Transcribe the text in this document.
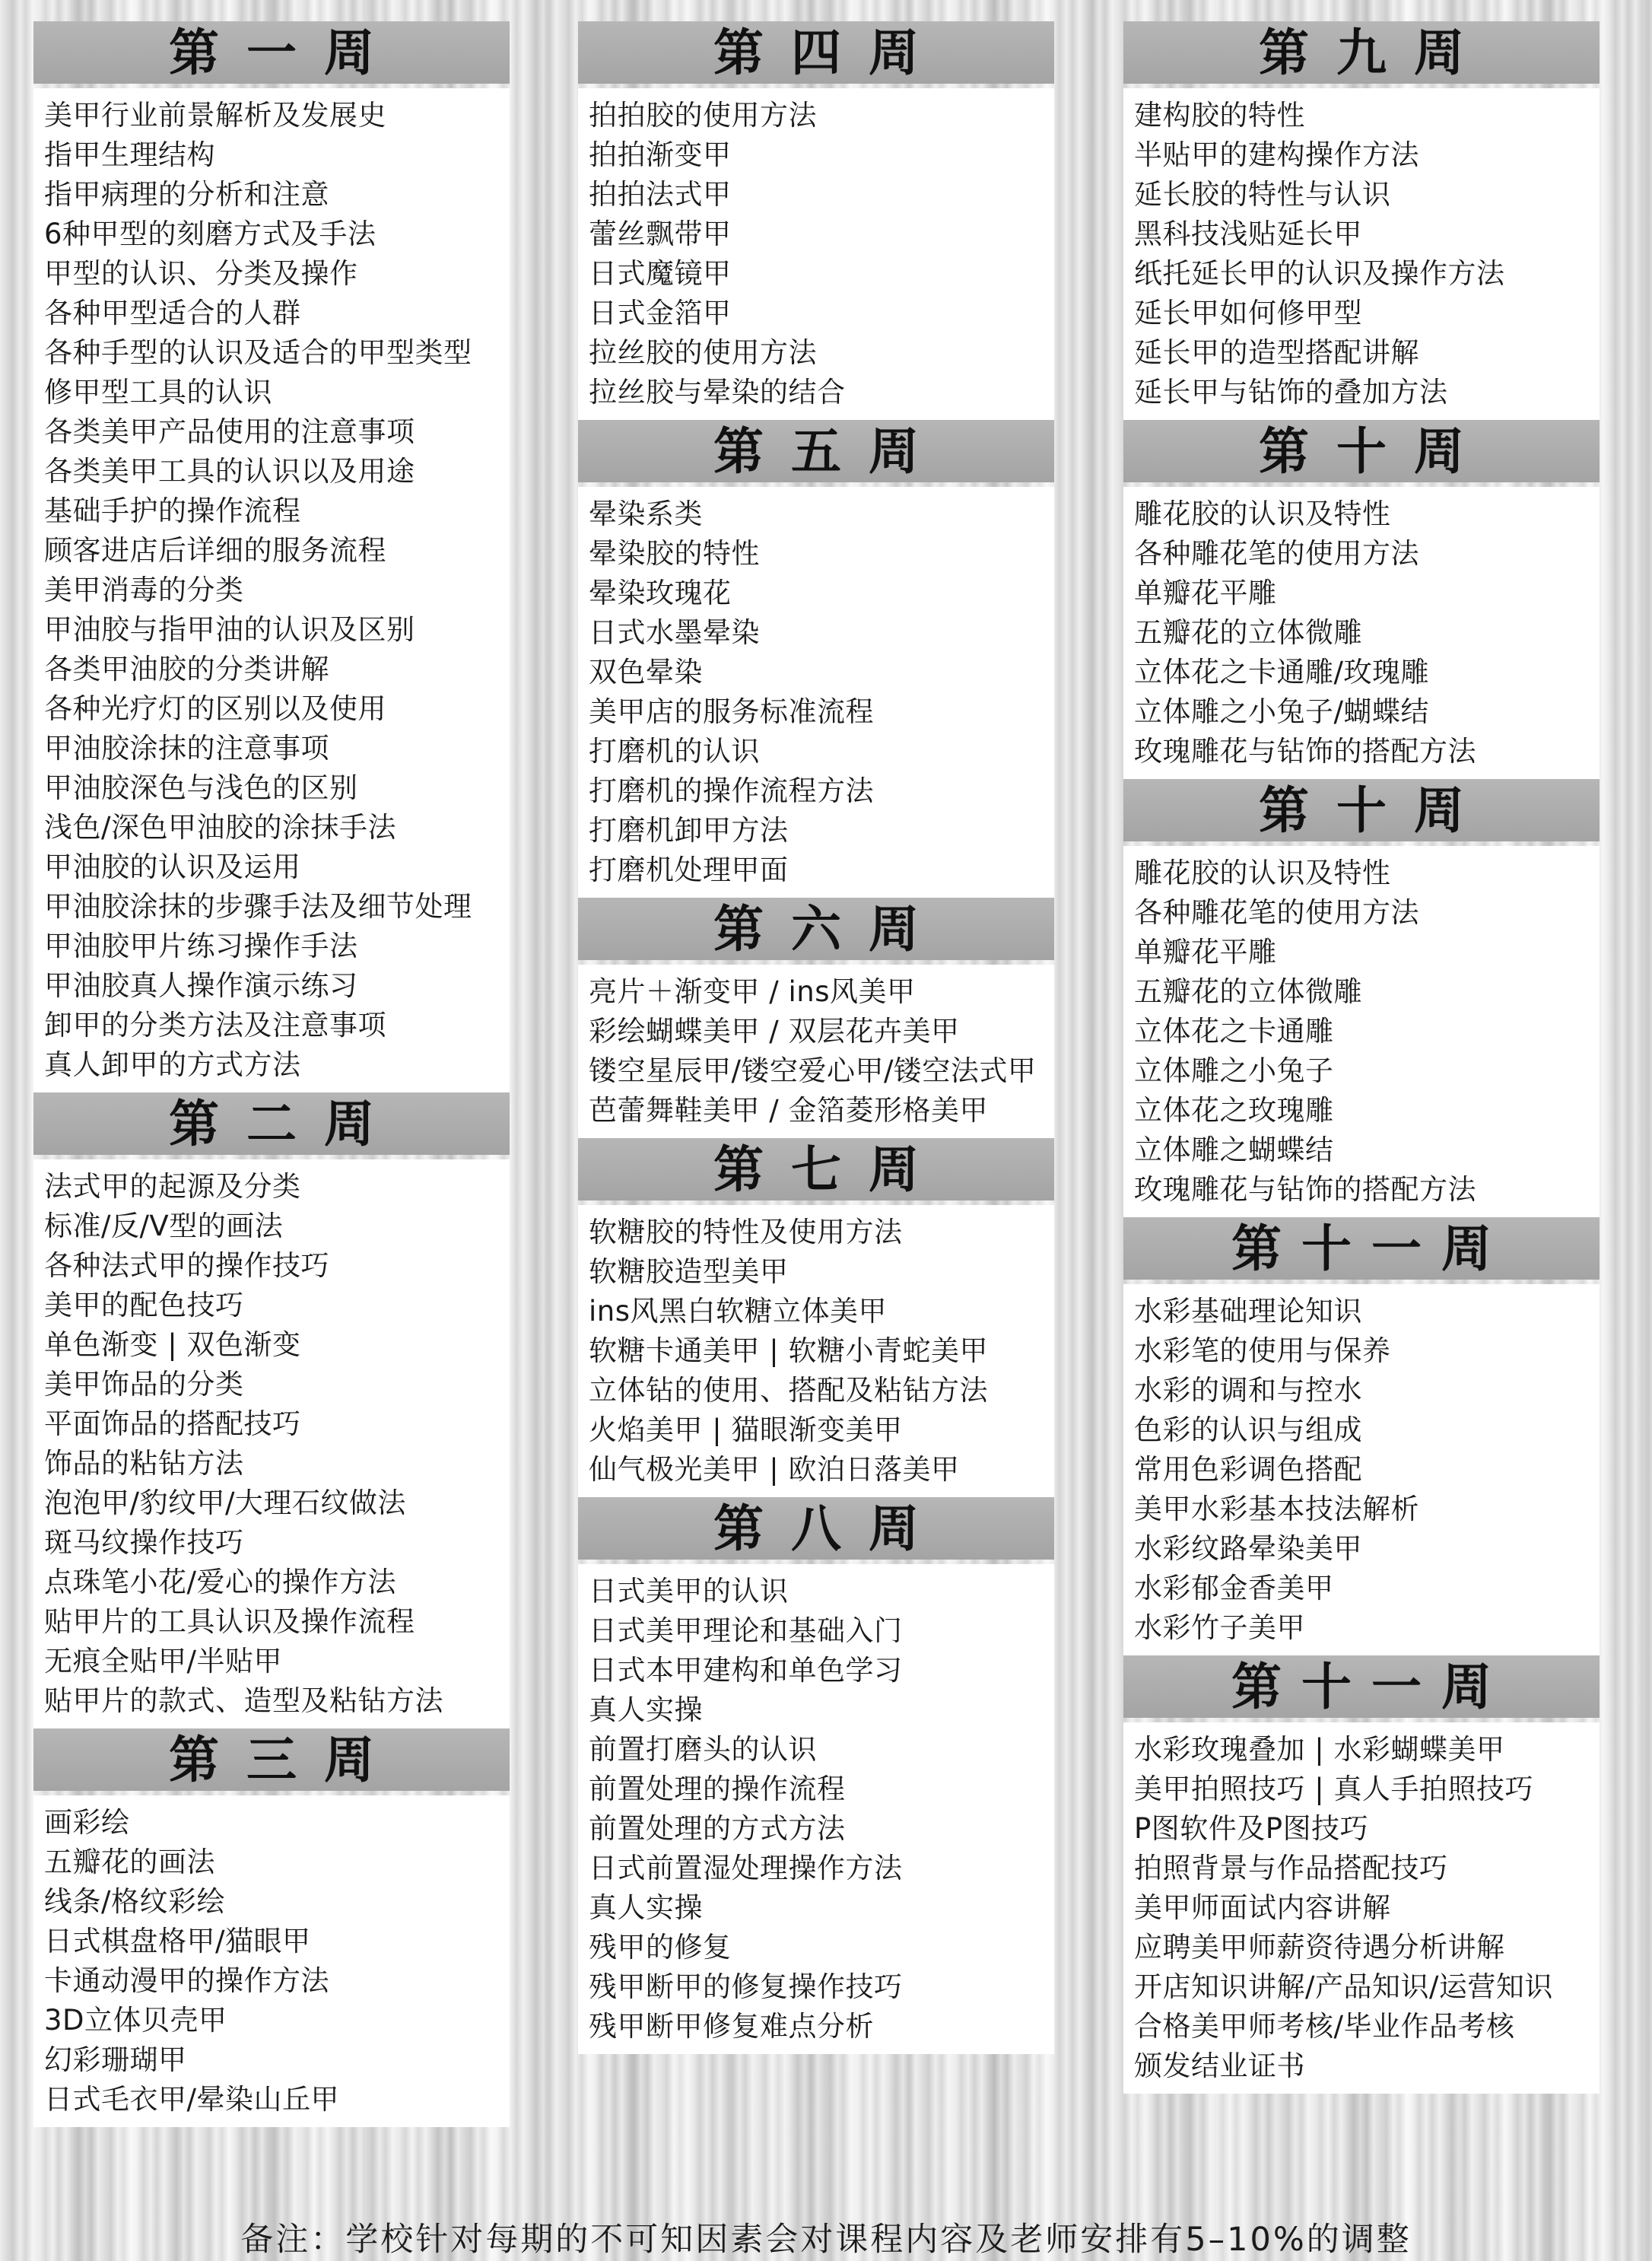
第一周
美甲行业前景解析及发展史
指甲生理结构
指甲病理的分析和注意
6种甲型的刻磨方式及手法
甲型的认识、分类及操作
各种甲型适合的人群
各种手型的认识及适合的甲型类型
修甲型工具的认识
各类美甲产品使用的注意事项
各类美甲工具的认识以及用途
基础手护的操作流程
顾客进店后详细的服务流程
美甲消毒的分类
甲油胶与指甲油的认识及区别
各类甲油胶的分类讲解
各种光疗灯的区别以及使用
甲油胶涂抹的注意事项
甲油胶深色与浅色的区别
浅色/深色甲油胶的涂抹手法
甲油胶的认识及运用
甲油胶涂抹的步骤手法及细节处理
甲油胶甲片练习操作手法
甲油胶真人操作演示练习
卸甲的分类方法及注意事项
真人卸甲的方式方法
第二周
法式甲的起源及分类
标准/反/V型的画法
各种法式甲的操作技巧
美甲的配色技巧
单色渐变 | 双色渐变
美甲饰品的分类
平面饰品的搭配技巧
饰品的粘钻方法
泡泡甲/豹纹甲/大理石纹做法
斑马纹操作技巧
点珠笔小花/爱心的操作方法
贴甲片的工具认识及操作流程
无痕全贴甲/半贴甲
贴甲片的款式、造型及粘钻方法
第三周
画彩绘
五瓣花的画法
线条/格纹彩绘
日式棋盘格甲/猫眼甲
卡通动漫甲的操作方法
3D立体贝壳甲
幻彩珊瑚甲
日式毛衣甲/晕染山丘甲
第四周
拍拍胶的使用方法
拍拍渐变甲
拍拍法式甲
蕾丝飘带甲
日式魔镜甲
日式金箔甲
拉丝胶的使用方法
拉丝胶与晕染的结合
第五周
晕染系类
晕染胶的特性
晕染玫瑰花
日式水墨晕染
双色晕染
美甲店的服务标准流程
打磨机的认识
打磨机的操作流程方法
打磨机卸甲方法
打磨机处理甲面
第六周
亮片＋渐变甲 / ins风美甲
彩绘蝴蝶美甲 / 双层花卉美甲
镂空星辰甲/镂空爱心甲/镂空法式甲
芭蕾舞鞋美甲 / 金箔菱形格美甲
第七周
软糖胶的特性及使用方法
软糖胶造型美甲
ins风黑白软糖立体美甲
软糖卡通美甲 | 软糖小青蛇美甲
立体钻的使用、搭配及粘钻方法
火焰美甲 | 猫眼渐变美甲
仙气极光美甲 | 欧泊日落美甲
第八周
日式美甲的认识
日式美甲理论和基础入门
日式本甲建构和单色学习
真人实操
前置打磨头的认识
前置处理的操作流程
前置处理的方式方法
日式前置湿处理操作方法
真人实操
残甲的修复
残甲断甲的修复操作技巧
残甲断甲修复难点分析
第九周
建构胶的特性
半贴甲的建构操作方法
延长胶的特性与认识
黑科技浅贴延长甲
纸托延长甲的认识及操作方法
延长甲如何修甲型
延长甲的造型搭配讲解
延长甲与钻饰的叠加方法
第十周
雕花胶的认识及特性
各种雕花笔的使用方法
单瓣花平雕
五瓣花的立体微雕
立体花之卡通雕/玫瑰雕
立体雕之小兔子/蝴蝶结
玫瑰雕花与钻饰的搭配方法
第十周
雕花胶的认识及特性
各种雕花笔的使用方法
单瓣花平雕
五瓣花的立体微雕
立体花之卡通雕
立体雕之小兔子
立体花之玫瑰雕
立体雕之蝴蝶结
玫瑰雕花与钻饰的搭配方法
第十一周
水彩基础理论知识
水彩笔的使用与保养
水彩的调和与控水
色彩的认识与组成
常用色彩调色搭配
美甲水彩基本技法解析
水彩纹路晕染美甲
水彩郁金香美甲
水彩竹子美甲
第十一周
水彩玫瑰叠加 | 水彩蝴蝶美甲
美甲拍照技巧 | 真人手拍照技巧
P图软件及P图技巧
拍照背景与作品搭配技巧
美甲师面试内容讲解
应聘美甲师薪资待遇分析讲解
开店知识讲解/产品知识/运营知识
合格美甲师考核/毕业作品考核
颁发结业证书
备注：学校针对每期的不可知因素会对课程内容及老师安排有5–10%的调整
